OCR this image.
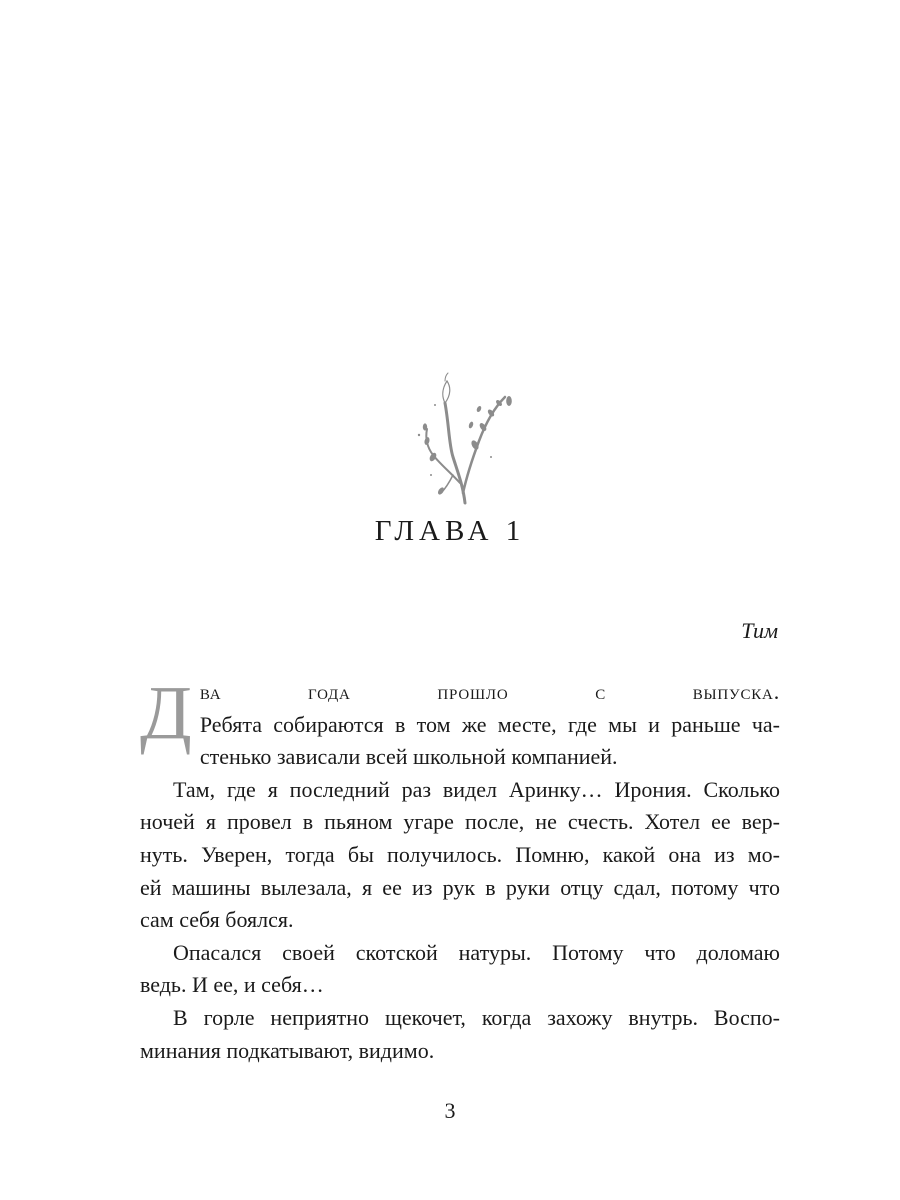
ГЛАВА 1
Тим
Д ва года прошло с выпуска.
Ребята собираются в том же месте, где мы и раньше ча-
стенько зависали всей школьной компанией.
Там, где я последний раз видел Аринку… Ирония. Сколько
ночей я провел в пьяном угаре после, не счесть. Хотел ее вер-
нуть. Уверен, тогда бы получилось. Помню, какой она из мо-
ей машины вылезала, я ее из рук в руки отцу сдал, потому что
сам себя боялся.
Опасался своей скотской натуры. Потому что доломаю
ведь. И ее, и себя…
В горле неприятно щекочет, когда захожу внутрь. Воспо-
минания подкатывают, видимо.
3
